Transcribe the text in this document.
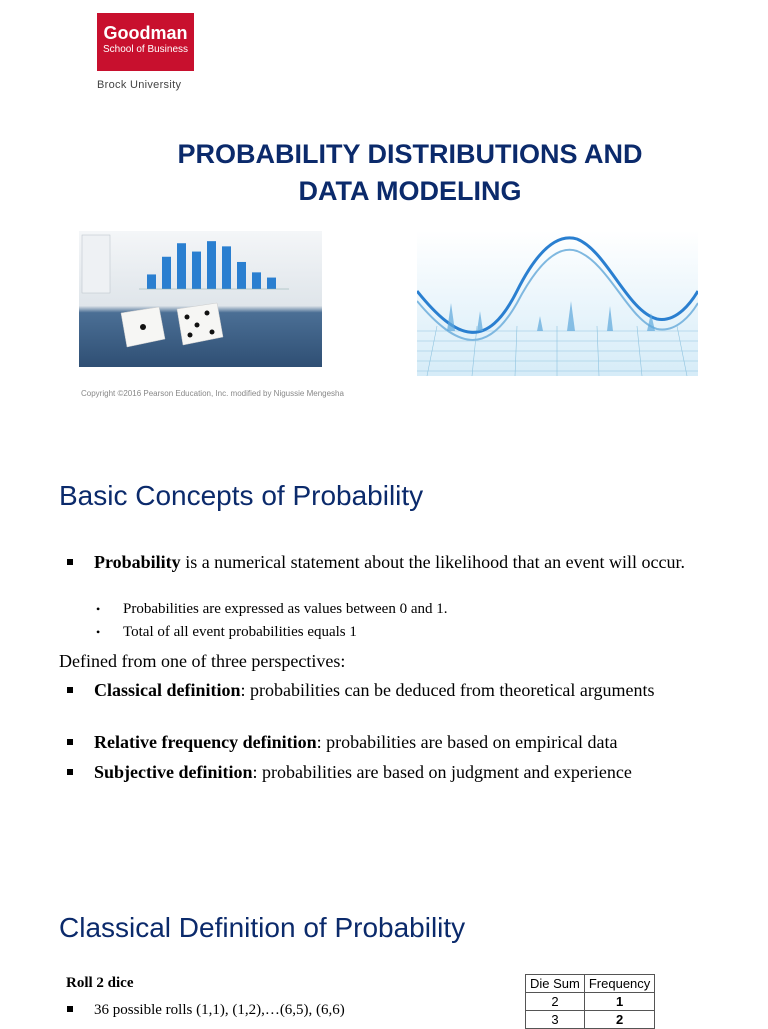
Goodman
School of Business
Brock University
PROBABILITY DISTRIBUTIONS AND
DATA MODELING
Copyright ©2016 Pearson Education, Inc. modified by Nigussie Mengesha
Basic Concepts of Probability
Probability is a numerical statement about the likelihood that an event will occur.
• Probabilities are expressed as values between 0 and 1.
• Total of all event probabilities equals 1
Defined from one of three perspectives:
Classical definition: probabilities can be deduced from theoretical arguments
Relative frequency definition: probabilities are based on empirical data
Subjective definition: probabilities are based on judgment and experience
Classical Definition of Probability
Roll 2 dice
36 possible rolls (1,1), (1,2),…(6,5), (6,6)
Die Sum	Frequency
2	1
3	2
